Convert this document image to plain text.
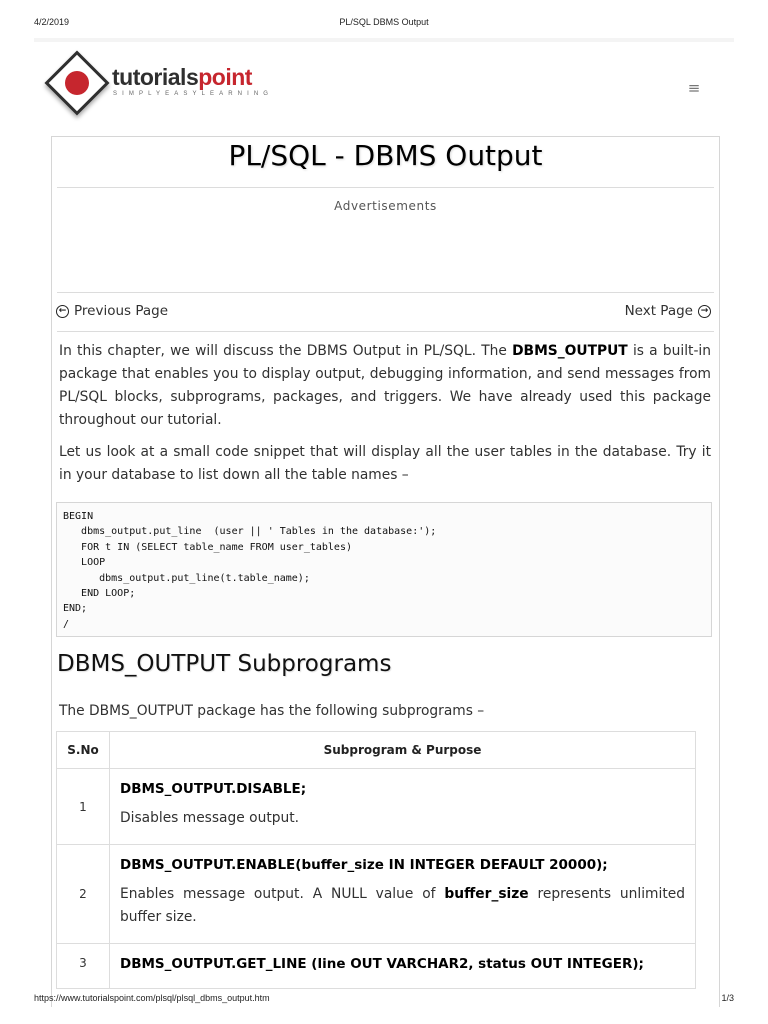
4/2/2019	PL/SQL DBMS Output
tutorialspoint
SIMPLYEASYLEARNING	≡
PL/SQL - DBMS Output
Advertisements
← Previous Page	Next Page →

In this chapter, we will discuss the DBMS Output in PL/SQL. The DBMS_OUTPUT is a built-in package that enables you to display output, debugging information, and send messages from PL/SQL blocks, subprograms, packages, and triggers. We have already used this package throughout our tutorial.

Let us look at a small code snippet that will display all the user tables in the database. Try it in your database to list down all the table names –

BEGIN
dbms_output.put_line  (user || ' Tables in the database:');
FOR t IN (SELECT table_name FROM user_tables)
LOOP
dbms_output.put_line(t.table_name);
END LOOP;
END;
/
DBMS_OUTPUT Subprograms

The DBMS_OUTPUT package has the following subprograms –

S.No	Subprogram & Purpose
1	DBMS_OUTPUT.DISABLE;
Disables message output.

2	DBMS_OUTPUT.ENABLE(buffer_size IN INTEGER DEFAULT 20000);
Enables message output. A NULL value of buffer_size represents unlimited buffer size.

3	DBMS_OUTPUT.GET_LINE (line OUT VARCHAR2, status OUT INTEGER);
https://www.tutorialspoint.com/plsql/plsql_dbms_output.htm	1/3
